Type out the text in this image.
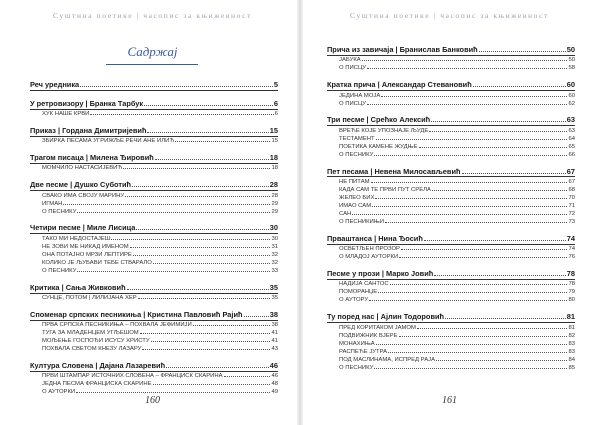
Суштина поетике | часопис за књижевност
Садржај
Реч уредника	5
У ретровизору | Бранка Тарбук	6
ХУК НАШЕ КРВИ	6
Приказ | Гордана Димитријевић	15
ЗБИРКА ПЕСАМА УГРИЖЉЕ РЕЧИ АНЕ ИЛИЋ	15
Трагом писаца | Милена Ђировић	18
МОМЧИЛО НАСТАСИЈЕВИЋ	18
Две песме | Душко Суботић	28
СВАКО ИМА СВОЈУ МАРИНУ	28
ИГМАН	29
О ПЕСНИКУ	29
Четири песме | Миле Лисица	30
ТАКО МИ НЕДОСТАЈЕШ	30
НЕ ЗОВИ МЕ НИКАД ИМЕНОМ	31
ОНА ПОТАЈНО МРЗИ ЛЕПТИРЕ	32
КОЛИКО ЈЕ ЉУБАВИ ТЕБЕ СТВАРАЛО	32
О ПЕСНИКУ	33
Критика | Сања Живковић	35
СУНЦЕ, ПОТОМ | ЛИЛИЈАНА ХЕР	35
Споменар српских песникиња | Кристина Павловић Рајић	38
ПРВА СРПСКА ПЕСНИКИЊА – ПОХВАЛА ЈЕФИМИЈИ	38
ТУГА ЗА МЛАДЕНЦЕМ УГЉЕШОМ	41
МОЉЕЊЕ ГОСПОЂИ ИСУСУ ХРИСТУ	41
ПОХВАЛА СВЕТОМ КНЕЗУ ЛАЗАРУ	43
Култура Словена | Дајана Лазаревић	46
ПРВИ ШТАМПАР ИСТОЧНИХ СЛОВЕНА – ФРАНЦИСК СКАРИНА	46
ЈЕДНА ПЕСМА ФРАНЦИСКА СКАРИНЕ	48
О АУТОРКИ	49
160
Суштина поетике | часопис за књижевност
Прича из завичаја | Бранислав Банковић	50
ЈАБУКА	50
О ПИСЦУ	58
Кратка прича | Александар Стевановић	60
ЈЕДИНА МОЈА	60
О ПИСЦУ	62
Три песме | Срећко Алексић	63
ВРЕЋЕ КОЈЕ УПОЗНАЈЕ ЉУДЕ	63
ТЕСТАМЕНТ	64
ПОЕТИКА КАМЕНЕ ЖУДЊЕ	65
О ПЕСНИКУ	66
Пет песама | Невена Милосављевић	67
НЕ ПИТАМ	67
КАДА САМ ТЕ ПРВИ ПУТ СРЕЛА	68
ЖЕЛЕО БИХ	70
ИМАО САМ	71
САН	72
О ПЕСНИКИЊИ	73
Прваштанса | Нина Ђосић	74
ОСВЕТЉЕН ПРОЗОР	74
О МЛАДОЈ АУТОРКИ	76
Песме у прози | Марко Јовић	78
НАДИЈА САНТОС	78
ПОМОРАНЏЕ	79
О АУТОРУ	80
Ту поред нас | Ајлин Тодоровић	81
ПРЕД КОРИТАКОМ ЈАМОМ	81
ПОДВИЖНИК ВЈЕРЕ	82
МОНАХИЊА	83
РАСПЕЋЕ ЈУТРА	83
ПОД МАСЛИНАМА, ИСПРЕД РАЈА	84
О ПЕСНИКУ	85
161
